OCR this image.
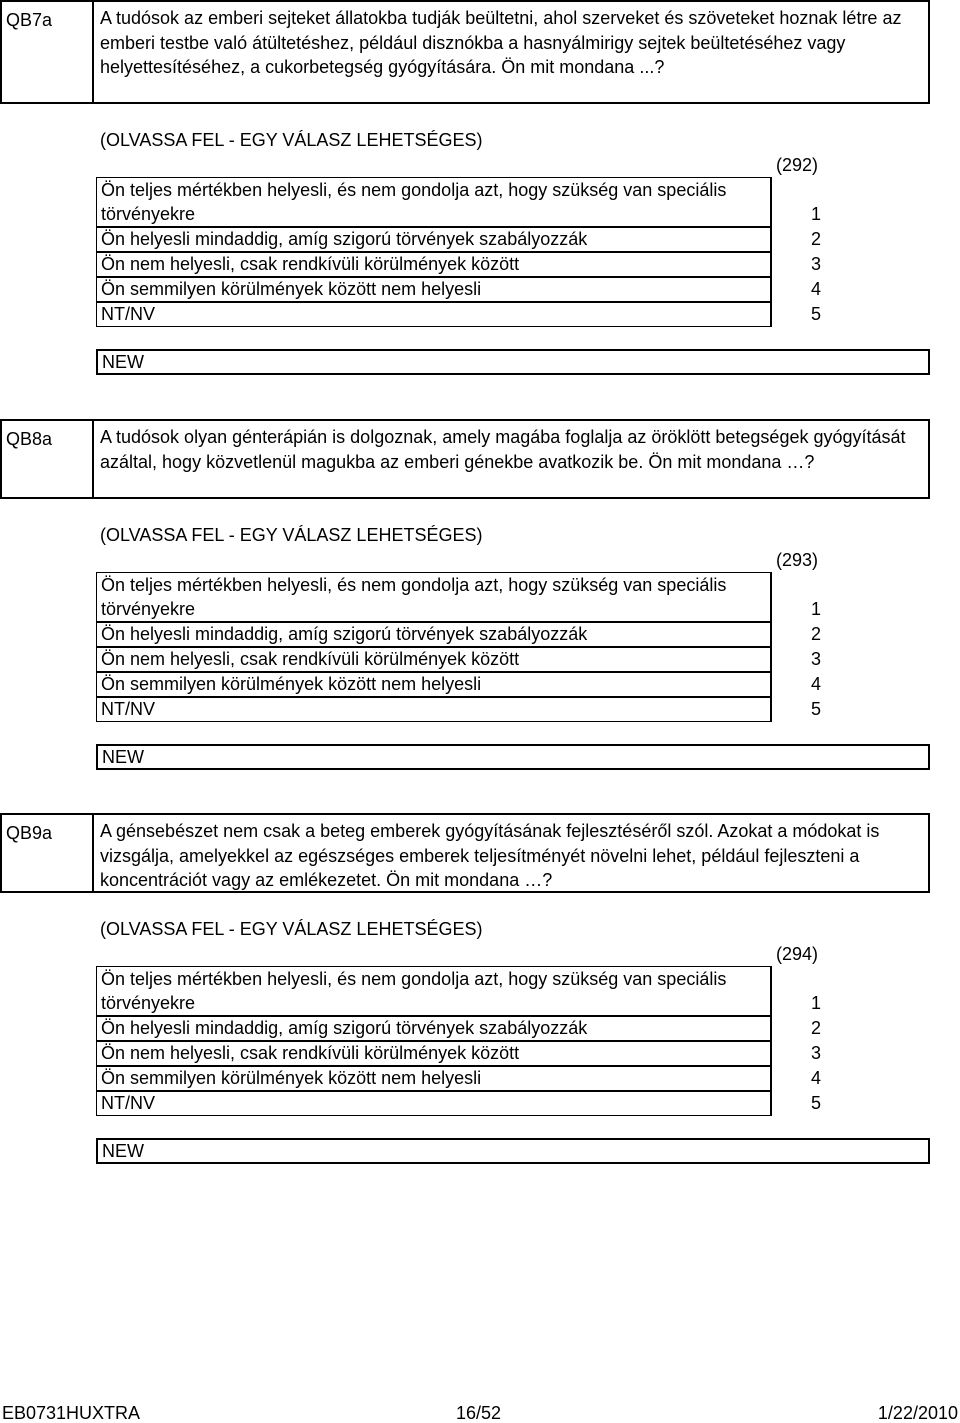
QB7a	A tudósok az emberi sejteket állatokba tudják beültetni, ahol szerveket és szöveteket hoznak létre az emberi testbe való átültetéshez, például disznókba a hasnyálmirigy sejtek beültetéséhez vagy helyettesítéséhez, a cukorbetegség gyógyítására. Ön mit mondana ...?
(OLVASSA FEL - EGY VÁLASZ LEHETSÉGES)
(292)
Ön teljes mértékben helyesli, és nem gondolja azt, hogy szükség van speciális törvényekre	1
Ön helyesli mindaddig, amíg szigorú törvények szabályozzák	2
Ön nem helyesli, csak rendkívüli körülmények között	3
Ön semmilyen körülmények között nem helyesli	4
NT/NV	5
NEW
QB8a	A tudósok olyan génterápián is dolgoznak, amely magába foglalja az öröklött betegségek gyógyítását azáltal, hogy közvetlenül magukba az emberi génekbe avatkozik be. Ön mit mondana …?
(OLVASSA FEL - EGY VÁLASZ LEHETSÉGES)
(293)
Ön teljes mértékben helyesli, és nem gondolja azt, hogy szükség van speciális törvényekre	1
Ön helyesli mindaddig, amíg szigorú törvények szabályozzák	2
Ön nem helyesli, csak rendkívüli körülmények között	3
Ön semmilyen körülmények között nem helyesli	4
NT/NV	5
NEW
QB9a	A génsebészet nem csak a beteg emberek gyógyításának fejlesztéséről szól. Azokat a módokat is vizsgálja, amelyekkel az egészséges emberek teljesítményét növelni lehet, például fejleszteni a koncentrációt vagy az emlékezetet. Ön mit mondana …?
(OLVASSA FEL - EGY VÁLASZ LEHETSÉGES)
(294)
Ön teljes mértékben helyesli, és nem gondolja azt, hogy szükség van speciális törvényekre	1
Ön helyesli mindaddig, amíg szigorú törvények szabályozzák	2
Ön nem helyesli, csak rendkívüli körülmények között	3
Ön semmilyen körülmények között nem helyesli	4
NT/NV	5
NEW
EB0731HUXTRA	16/52	1/22/2010
